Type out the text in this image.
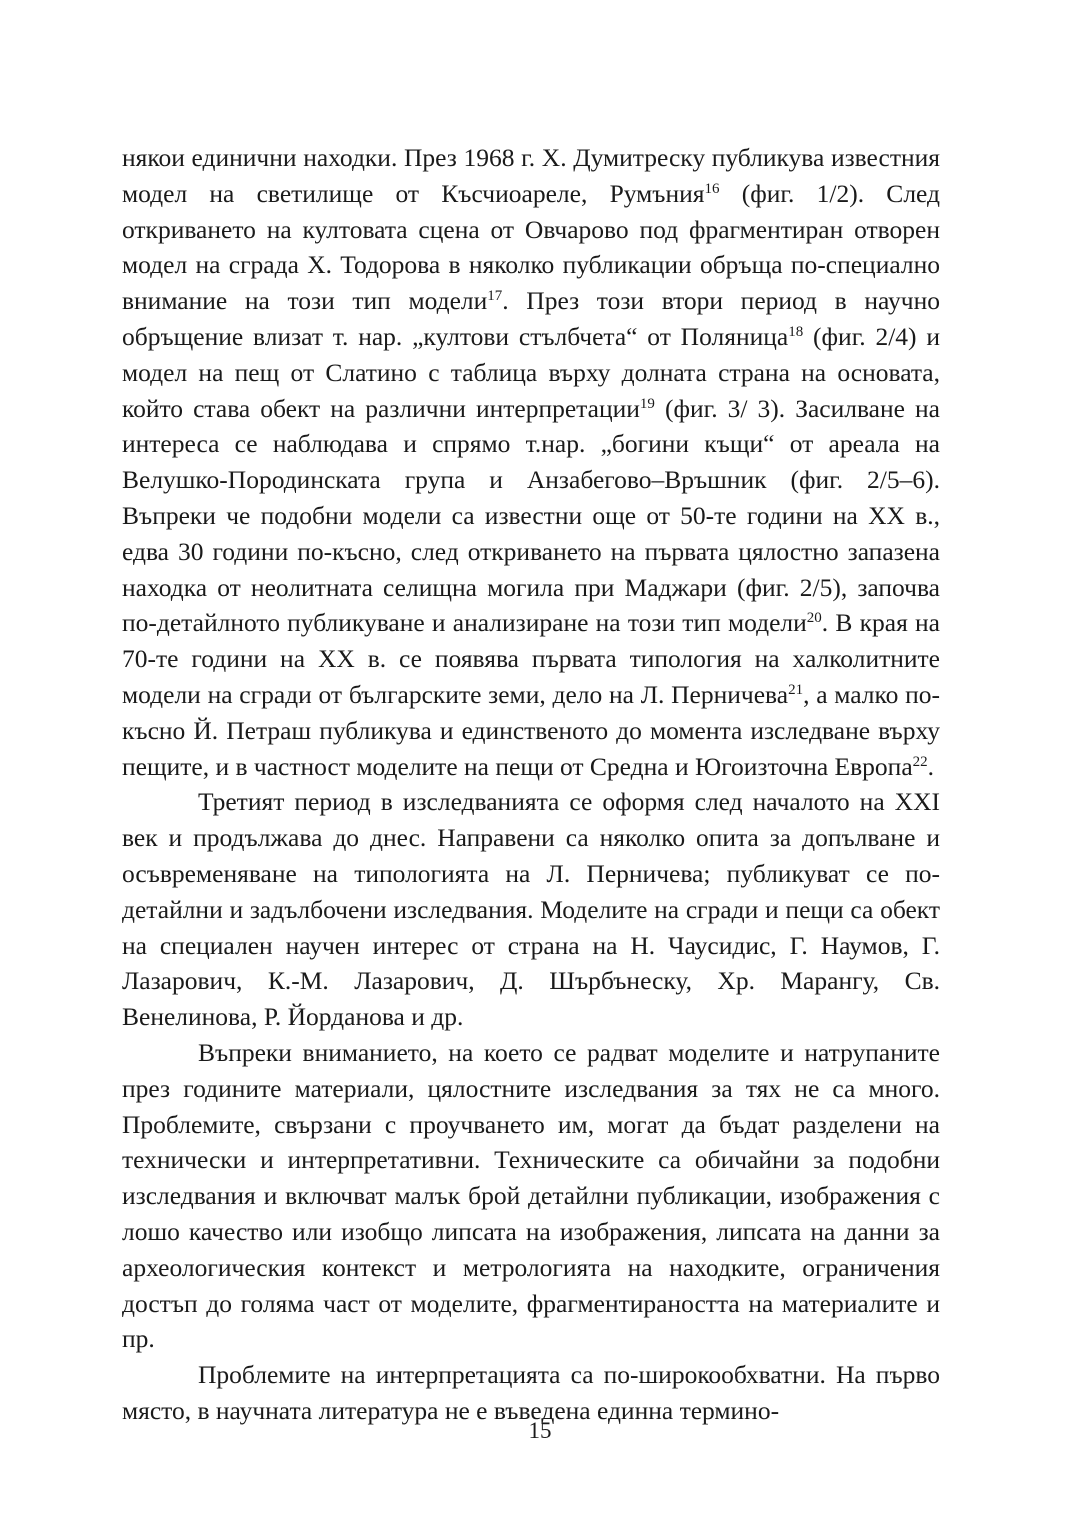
някои единични находки. През 1968 г. Х. Думитреску публикува известния модел на светилище от Късчиоареле, Румъния$^{16}$ (фиг. 1/2). След откриването на култовата сцена от Овчарово под фрагментиран отворен модел на сграда Х. Тодорова в няколко публикации обръща по-специално внимание на този тип модели$^{17}$. През този втори период в научно обръщение влизат т. нар. „култови стълбчета“ от Поляница$^{18}$ (фиг. 2/4) и модел на пещ от Слатино с таблица върху долната страна на основата, който става обект на различни интерпретации$^{19}$ (фиг. 3/ 3). Засилване на интереса се наблюдава и спрямо т.нар. „богини къщи“ от ареала на Велушко-Породинската група и Анзабегово–Връшник (фиг. 2/5–6). Въпреки че подобни модели са известни още от 50-те години на XX в., едва 30 години по-късно, след откриването на първата цялостно запазена находка от неолитната селищна могила при Маджари (фиг. 2/5), започва по-детайлното публикуване и анализиране на този тип модели$^{20}$. В края на 70-те години на XX в. се появява първата типология на халколитните модели на сгради от българските земи, дело на Л. Перничева$^{21}$, а малко по-късно Й. Петраш публикува и единственото до момента изследване върху пещите, и в частност моделите на пещи от Средна и Югоизточна Европа$^{22}$.

Третият период в изследванията се оформя след началото на XXI век и продължава до днес. Направени са няколко опита за допълване и осъвременяване на типологията на Л. Перничева; публикуват се по-детайлни и задълбочени изследвания. Моделите на сгради и пещи са обект на специален научен интерес от страна на Н. Чаусидис, Г. Наумов, Г. Лазарович, К.-М. Лазарович, Д. Шърбънеску, Хр. Марангу, Св. Венелинова, Р. Йорданова и др.

Въпреки вниманието, на което се радват моделите и натрупаните през годините материали, цялостните изследвания за тях не са много. Проблемите, свързани с проучването им, могат да бъдат разделени на технически и интерпретативни. Техническите са обичайни за подобни изследвания и включват малък брой детайлни публикации, изображения с лошо качество или изобщо липсата на изображения, липсата на данни за археологическия контекст и метрологията на находките, ограничения достъп до голяма част от моделите, фрагментираността на материалите и пр.

Проблемите на интерпретацията са по-широкообхватни. На първо място, в научната литература не е въведена единна термино-

15
